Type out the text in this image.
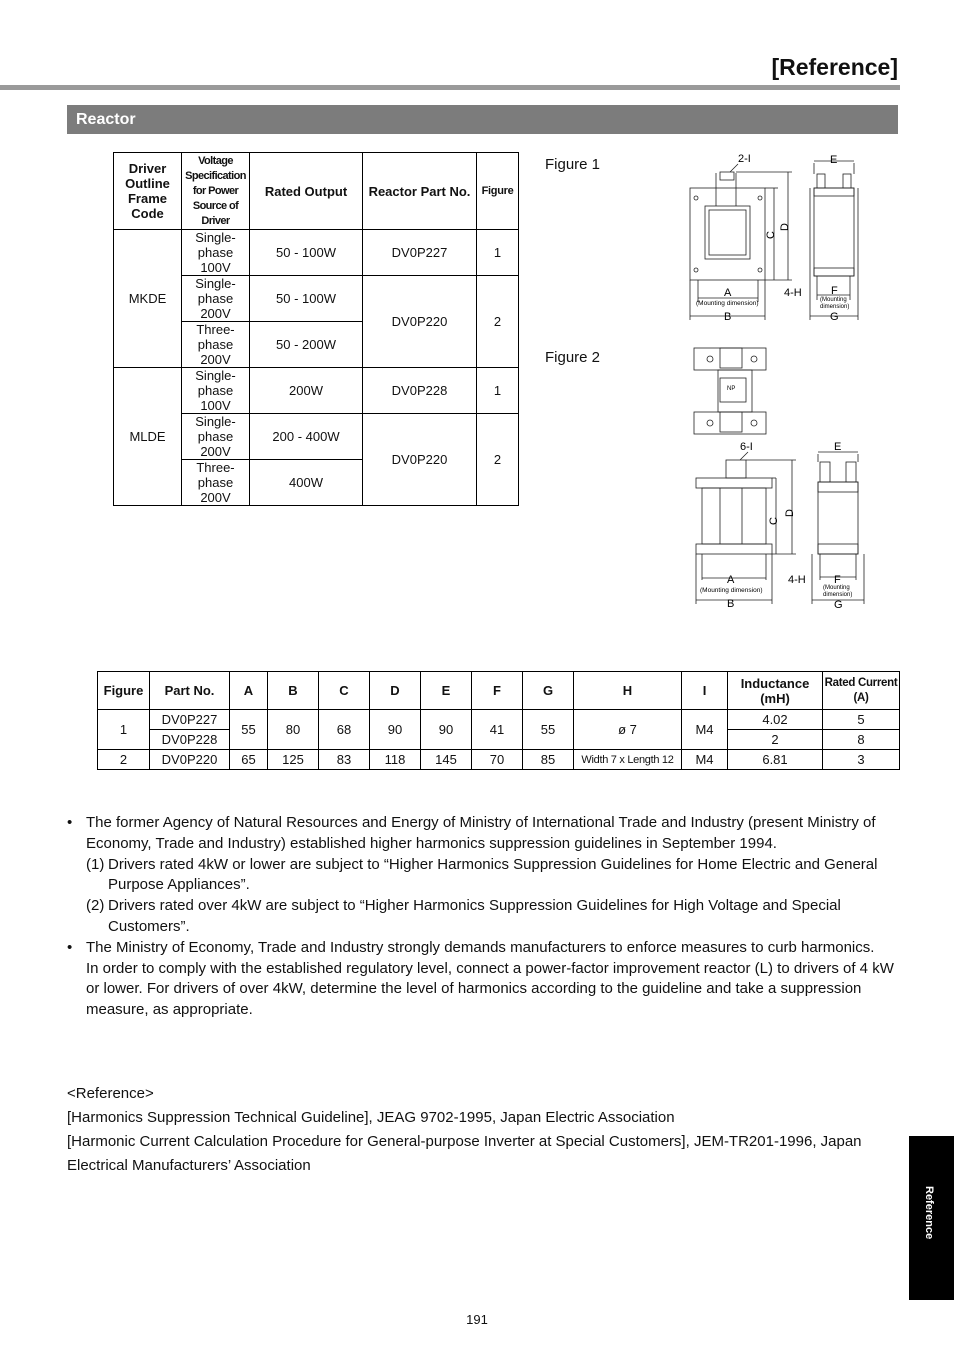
[Reference]
Reactor
Driver Outline Frame Code	Voltage Specification for Power Source of Driver	Rated Output	Reactor Part No.	Figure
MKDE	Single-phase 100V	50 - 100W	DV0P227	1
	Single-phase 200V	50 - 100W	DV0P220	2
	Three-phase 200V	50 - 200W		
MLDE	Single-phase 100V	200W	DV0P228	1
	Single-phase 200V	200 - 400W	DV0P220	2
	Three-phase 200V	400W		
Figure 1
Figure 2
2-I	E
C
D
A
(Mounting dimension)
B
4-H	F
(Mounting
dimension)
G
NP
6-I	E
C
D
A
(Mounting dimension)
B
4-H	F
(Mounting
dimension)
G
Figure	Part No.	A	B	C	D	E	F	G	H	I	Inductance (mH)	Rated Current (A)
1	DV0P227	55	80	68	90	90	41	55	ø 7	M4	4.02	5
	DV0P228										2	8
2	DV0P220	65	125	83	118	145	70	85	Width 7 x Length 12	M4	6.81	3
• The former Agency of Natural Resources and Energy of Ministry of International Trade and Industry (present Ministry of Economy, Trade and Industry) established higher harmonics suppression guidelines in September 1994.
(1) Drivers rated 4kW or lower are subject to “Higher Harmonics Suppression Guidelines for Home Electric and General Purpose Appliances”.
(2) Drivers rated over 4kW are subject to “Higher Harmonics Suppression Guidelines for High Voltage and Special Customers”.
• The Ministry of Economy, Trade and Industry strongly demands manufacturers to enforce measures to curb harmonics.
In order to comply with the established regulatory level, connect a power-factor improvement reactor (L) to drivers of 4 kW or lower. For drivers of over 4kW, determine the level of harmonics according to the guideline and take a suppression measure, as appropriate.
<Reference>
[Harmonics Suppression Technical Guideline], JEAG 9702-1995, Japan Electric Association
[Harmonic Current Calculation Procedure for General-purpose Inverter at Special Customers], JEM-TR201-1996, Japan Electrical Manufacturers’ Association
Reference
191
